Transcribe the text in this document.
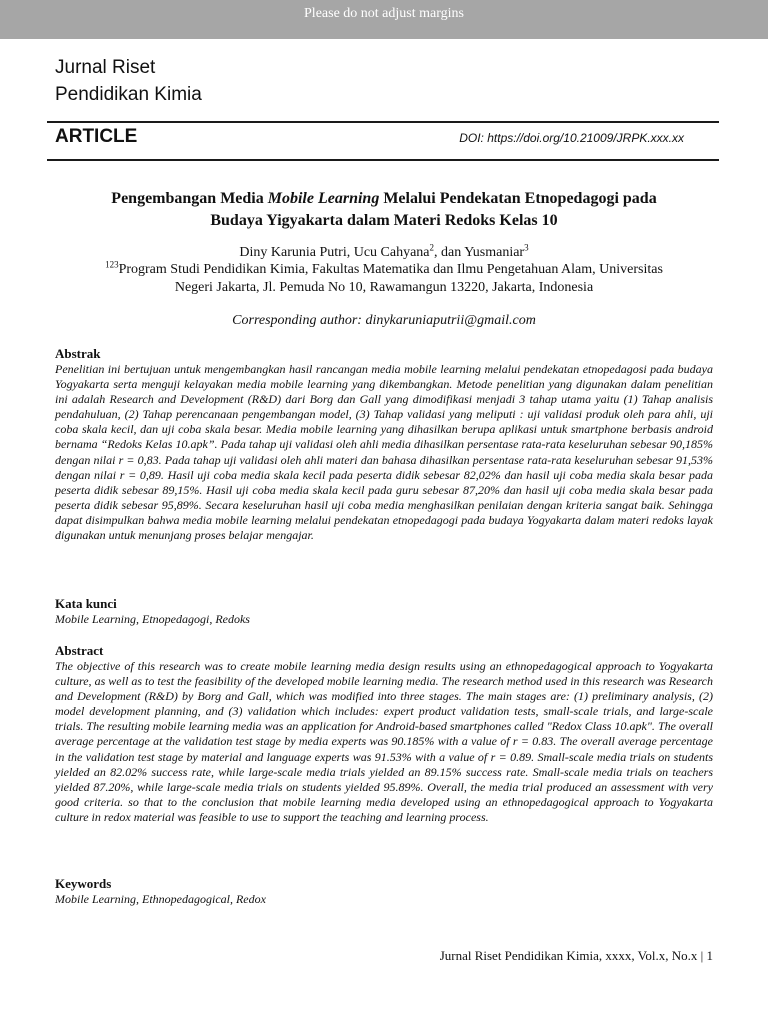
Please do not adjust margins
Jurnal Riset
Pendidikan Kimia
ARTICLE	DOI: https://doi.org/10.21009/JRPK.xxx.xx
Pengembangan Media Mobile Learning Melalui Pendekatan Etnopedagogi pada
Budaya Yigyakarta dalam Materi Redoks Kelas 10
Diny Karunia Putri, Ucu Cahyana$^2$, dan Yusmaniar$^3$
$^{123}$Program Studi Pendidikan Kimia, Fakultas Matematika dan Ilmu Pengetahuan Alam, Universitas
Negeri Jakarta, Jl. Pemuda No 10, Rawamangun 13220, Jakarta, Indonesia
Corresponding author: dinykaruniaputrii@gmail.com
Abstrak
Penelitian ini bertujuan untuk mengembangkan hasil rancangan media mobile learning melalui pendekatan etnopedagosi pada budaya Yogyakarta serta menguji kelayakan media mobile learning yang dikembangkan. Metode penelitian yang digunakan dalam penelitian ini adalah Research and Development (R&D) dari Borg dan Gall yang dimodifikasi menjadi 3 tahap utama yaitu (1) Tahap analisis pendahuluan, (2) Tahap perencanaan pengembangan model, (3) Tahap validasi yang meliputi : uji validasi produk oleh para ahli, uji coba skala kecil, dan uji coba skala besar. Media mobile learning yang dihasilkan berupa aplikasi untuk smartphone berbasis android bernama “Redoks Kelas 10.apk”. Pada tahap uji validasi oleh ahli media dihasilkan persentase rata-rata keseluruhan sebesar 90,185% dengan nilai r = 0,83. Pada tahap uji validasi oleh ahli materi dan bahasa dihasilkan persentase rata-rata keseluruhan sebesar 91,53% dengan nilai r = 0,89. Hasil uji coba media skala kecil pada peserta didik sebesar 82,02% dan hasil uji coba media skala besar pada peserta didik sebesar 89,15%. Hasil uji coba media skala kecil pada guru sebesar 87,20% dan hasil uji coba media skala besar pada peserta didik sebesar 95,89%. Secara keseluruhan hasil uji coba media menghasilkan penilaian dengan kriteria sangat baik. Sehingga dapat disimpulkan bahwa media mobile learning melalui pendekatan etnopedagogi pada budaya Yogyakarta dalam materi redoks layak digunakan untuk menunjang proses belajar mengajar.
Kata kunci
Mobile Learning, Etnopedagogi, Redoks
Abstract
The objective of this research was to create mobile learning media design results using an ethnopedagogical approach to Yogyakarta culture, as well as to test the feasibility of the developed mobile learning media. The research method used in this research was Research and Development (R&D) by Borg and Gall, which was modified into three stages. The main stages are: (1) preliminary analysis, (2) model development planning, and (3) validation which includes: expert product validation tests, small-scale trials, and large-scale trials. The resulting mobile learning media was an application for Android-based smartphones called "Redox Class 10.apk". The overall average percentage at the validation test stage by media experts was 90.185% with a value of r = 0.83. The overall average percentage in the validation test stage by material and language experts was 91.53% with a value of r = 0.89. Small-scale media trials on students yielded an 82.02% success rate, while large-scale media trials yielded an 89.15% success rate. Small-scale media trials on teachers yielded 87.20%, while large-scale media trials on students yielded 95.89%. Overall, the media trial produced an assessment with very good criteria. so that to the conclusion that mobile learning media developed using an ethnopedagogical approach to Yogyakarta culture in redox material was feasible to use to support the teaching and learning process.
Keywords
Mobile Learning, Ethnopedagogical, Redox
Jurnal Riset Pendidikan Kimia, xxxx, Vol.x, No.x | 1
